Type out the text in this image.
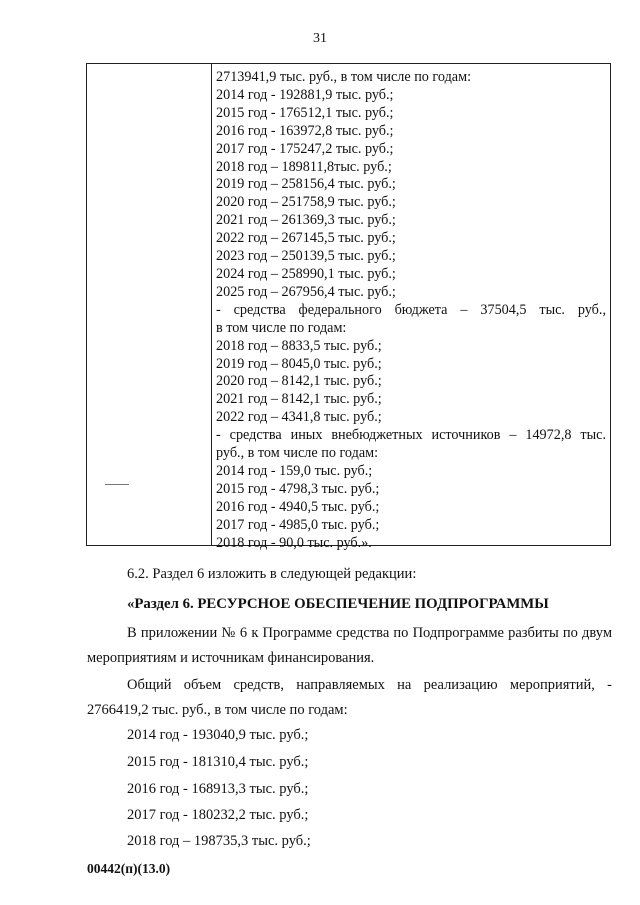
31
2713941,9 тыс. руб., в том числе по годам:
2014 год - 192881,9 тыс. руб.;
2015 год - 176512,1 тыс. руб.;
2016 год - 163972,8 тыс. руб.;
2017 год - 175247,2 тыс. руб.;
2018 год – 189811,8тыс. руб.;
2019 год – 258156,4 тыс. руб.;
2020 год – 251758,9 тыс. руб.;
2021 год – 261369,3 тыс. руб.;
2022 год – 267145,5 тыс. руб.;
2023 год – 250139,5 тыс. руб.;
2024 год – 258990,1 тыс. руб.;
2025 год – 267956,4 тыс. руб.;
- средства федерального бюджета – 37504,5 тыс. руб.,
в том числе по годам:
2018 год – 8833,5 тыс. руб.;
2019 год – 8045,0 тыс. руб.;
2020 год – 8142,1 тыс. руб.;
2021 год – 8142,1 тыс. руб.;
2022 год – 4341,8 тыс. руб.;
- средства иных внебюджетных источников – 14972,8 тыс.
руб., в том числе по годам:
2014 год - 159,0 тыс. руб.;
2015 год - 4798,3 тыс. руб.;
2016 год - 4940,5 тыс. руб.;
2017 год - 4985,0 тыс. руб.;
2018 год - 90,0 тыс. руб.».
6.2. Раздел 6 изложить в следующей редакции:
«Раздел 6. РЕСУРСНОЕ ОБЕСПЕЧЕНИЕ ПОДПРОГРАММЫ
В приложении № 6 к Программе средства по Подпрограмме разбиты по двум мероприятиям и источникам финансирования.
Общий объем средств, направляемых на реализацию мероприятий, - 2766419,2 тыс. руб., в том числе по годам:
2014 год - 193040,9 тыс. руб.;
2015 год - 181310,4 тыс. руб.;
2016 год - 168913,3 тыс. руб.;
2017 год - 180232,2 тыс. руб.;
2018 год – 198735,3 тыс. руб.;
00442(п)(13.0)
